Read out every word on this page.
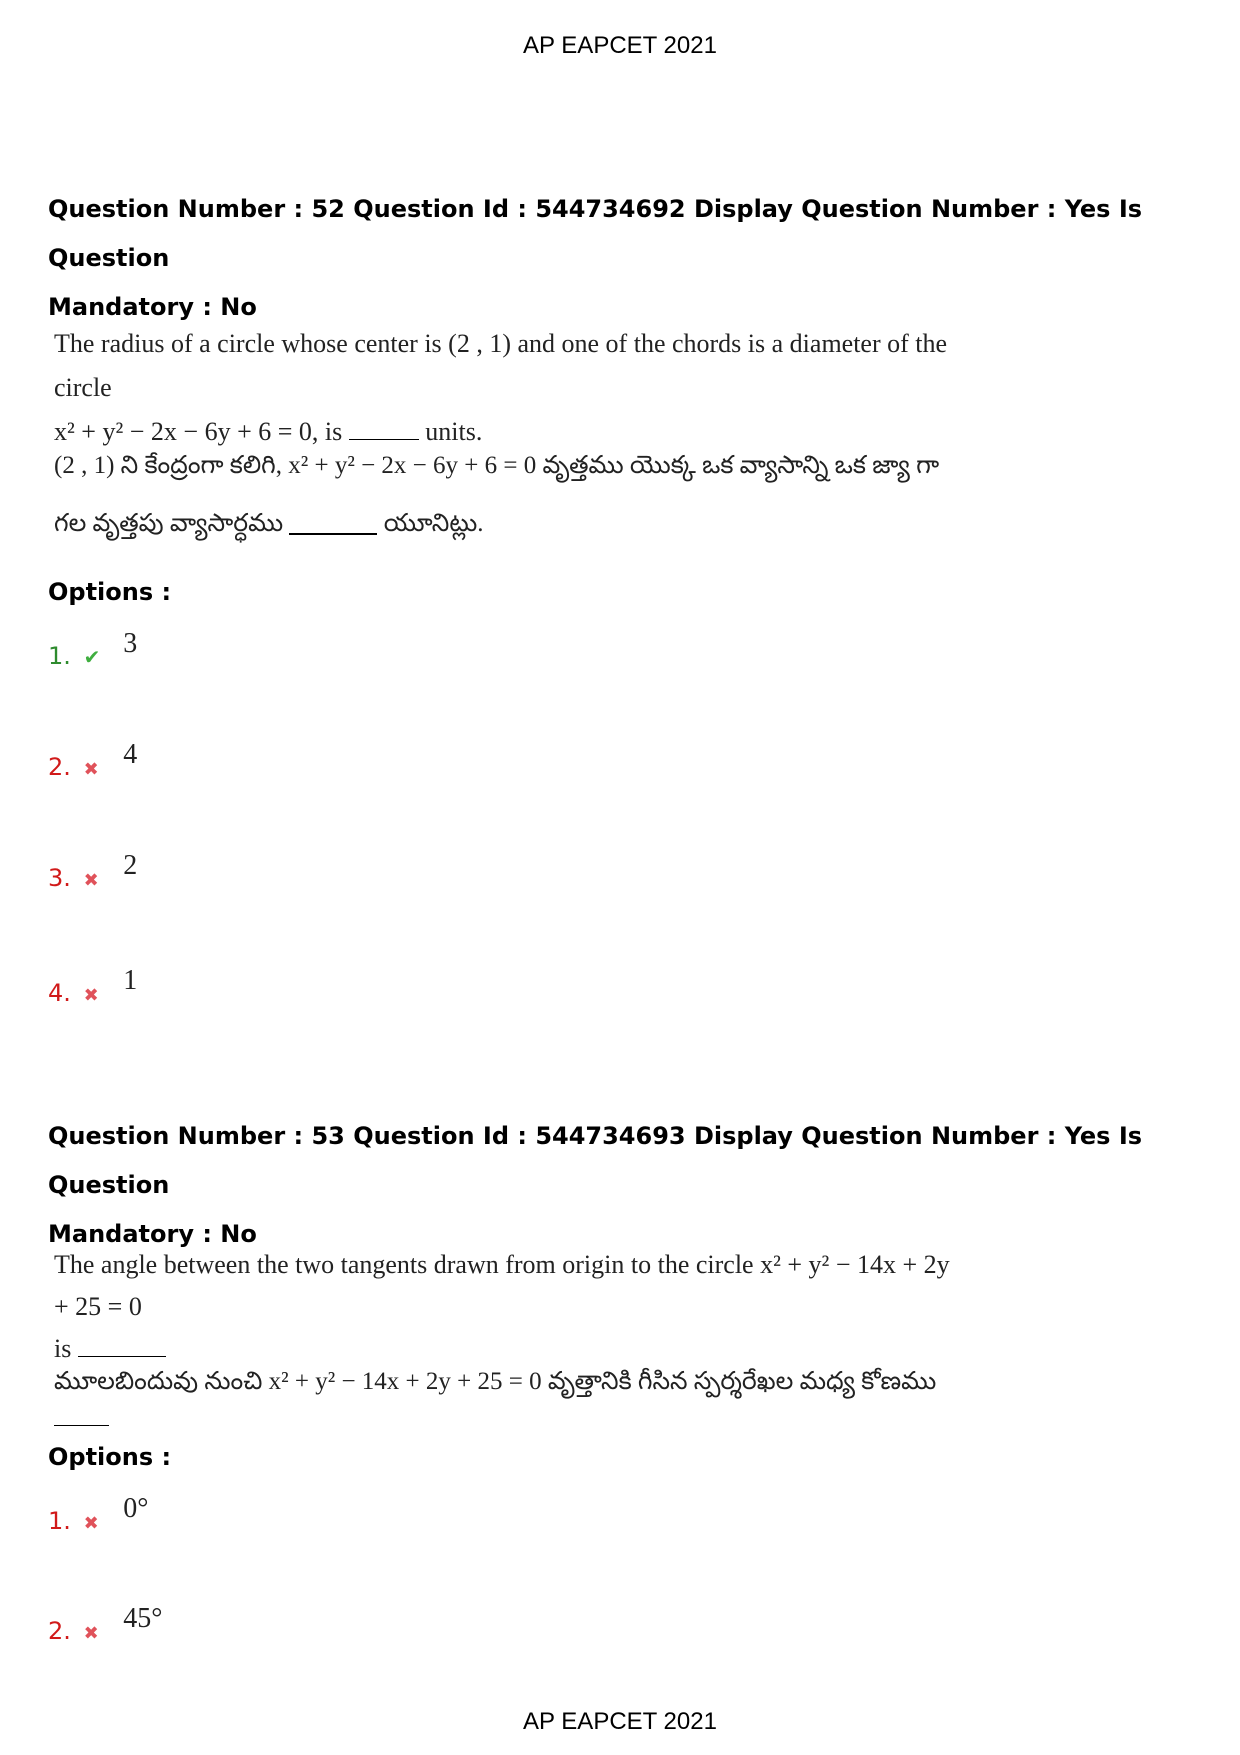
AP EAPCET 2021
Question Number : 52 Question Id : 544734692 Display Question Number : Yes Is Question
Mandatory : No
The radius of a circle whose center is (2 , 1) and one of the chords is a diameter of the circle
x² + y² − 2x − 6y + 6 = 0, is	units.
(2 , 1) ని కేంద్రంగా కలిగి, x² + y² − 2x − 6y + 6 = 0 వృత్తము యొక్క ఒక వ్యాసాన్ని ఒక జ్యా గా
గల వృత్తపు వ్యాసార్ధము	యూనిట్లు.
Options :
1. ✔ 3
2. ✖ 4
3. ✖ 2
4. ✖ 1
Question Number : 53 Question Id : 544734693 Display Question Number : Yes Is Question
Mandatory : No
The angle between the two tangents drawn from origin to the circle x² + y² − 14x + 2y + 25 = 0
is
మూలబిందువు నుంచి x² + y² − 14x + 2y + 25 = 0 వృత్తానికి గీసిన స్పర్శరేఖల మధ్య కోణము
Options :
1. ✖ 0°
2. ✖ 45°
AP EAPCET 2021
